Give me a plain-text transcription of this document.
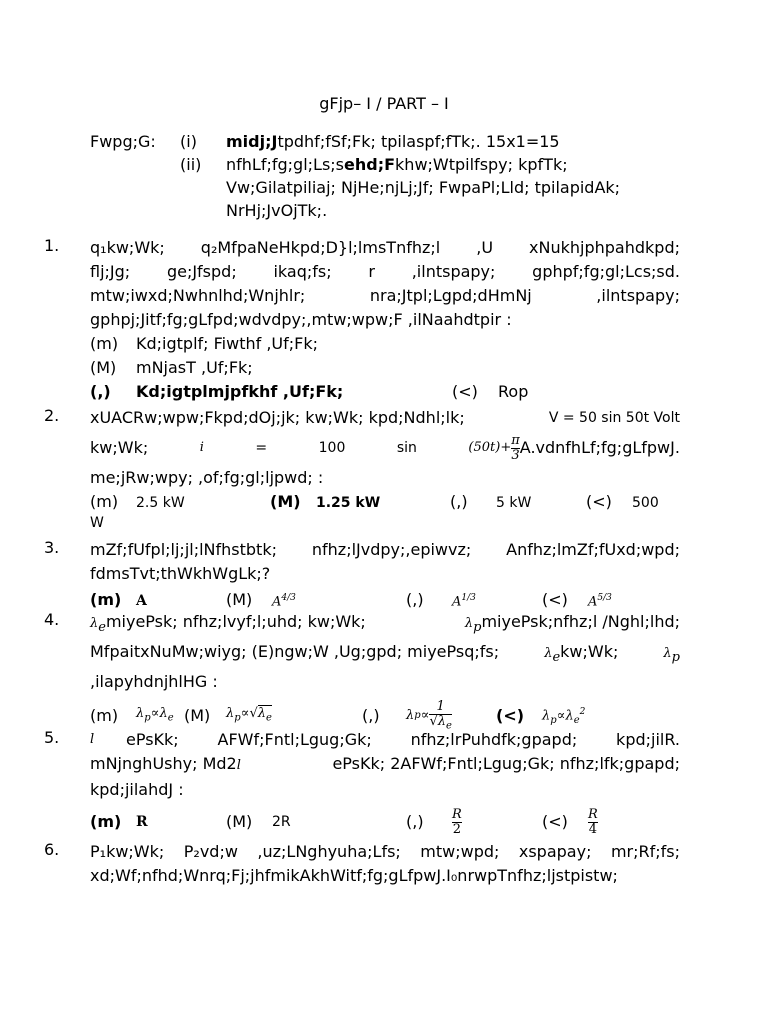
gFjp– I / PART – I
Fwpg;G:	(i)	midj;Jtpdhf;fSf;Fk; tpilaspf;fTk;. 15x1=15
(ii)	nfhLf;fg;gl;Ls;sehd;Fkhw;Wtpilfspy; kpfTk;
Vw;Gilatpiliaj; NjHe;njLj;Jf; FwpaPl;Lld; tpilapidAk;
NrHj;JvOjTk;.
1.	q₁kw;Wk; q₂MfpaNeHkpd;D}l;lmsTnfhz;l ,U xNukhjphpahdkpd;
flj;Jg; ge;Jfspd; ikaq;fs; r ,ilntspapy; gphpf;fg;gl;Lcs;sd.
mtw;iwxd;Nwhnlhd;Wnjhlr; nra;Jtpl;Lgpd;dHmNj ,ilntspapy;
gphpj;Jitf;fg;gLfpd;wdvdpy;,mtw;wpw;F ,ilNaahdtpir :
(m)	Kd;igtplf; Fiwthf ,Uf;Fk;
(M)	mNjasT ,Uf;Fk;
(,)	Kd;igtplmjpfkhf ,Uf;Fk;	(<)	Rop
2.	xUACRw;wpw;Fkpd;dOj;jk; kw;Wk; kpd;Ndhl;lk;	V = 50 sin 50t Volt
kw;Wk;	i	=	100	sin	$(50t)+ \frac{\pi}{3}$ A.vdnfhLf;fg;gLfpwJ.
me;jRw;wpy; ,of;fg;gl;ljpwd; :
(m)	2.5 kW	(M)	1.25 kW	(,)	5 kW	(<)	500
W
3.	mZf;fUfpl;lj;jl;lNfhstbtk; nfhz;lJvdpy;,epiwvz; Anfhz;lmZf;fUxd;wpd;
fdmsTvt;thWkhWgLk;?
(m)	A	(M)	$A^{4/3}$	(,)	$A^{1/3}$	(<)	$A^{5/3}$
4.	$\lambda_emiyePsk$; nfhz;lvyf;l;uhd; kw;Wk;	$\lambda_pmiyePsk;nfhz;l$ /Nghl;lhd;
MfpaitxNuMw;wiyg; (E)ngw;W ,Ug;gpd; miyePsq;fs;	$\lambda_ekw;Wk$;	$\lambda_p$
,ilapyhdnjhlHG :
(m)	$\lambda_p\propto\lambda_e$ (M)	$\lambda_p\propto√\lambda_e$	(,)	λ $p \propto \frac{1}{√\lambda_e}$	(<)	$\lambda_p\propto\lambda_e^2$
5.	l	ePsKk; AFWf;Fntl;Lgug;Gk; nfhz;lrPuhdfk;gpapd; kpd;jilR.
mNjnghUshy; Md2l	ePsKk; 2AFWf;Fntl;Lgug;Gk; nfhz;lfk;gpapd;
kpd;jilahdJ :
(m)	R	(M)	2R	(,)	$\frac{R}{2}$	(<)	$\frac{R}{4}$
6.	P₁kw;Wk; P₂vd;w ,uz;LNghyuha;Lfs; mtw;wpd; xspapay; mr;Rf;fs;
xd;Wf;nfhd;Wnrq;Fj;jhfmikAkhWitf;fg;gLfpwJ.I₀nrwpTnfhz;ljstpistw;
